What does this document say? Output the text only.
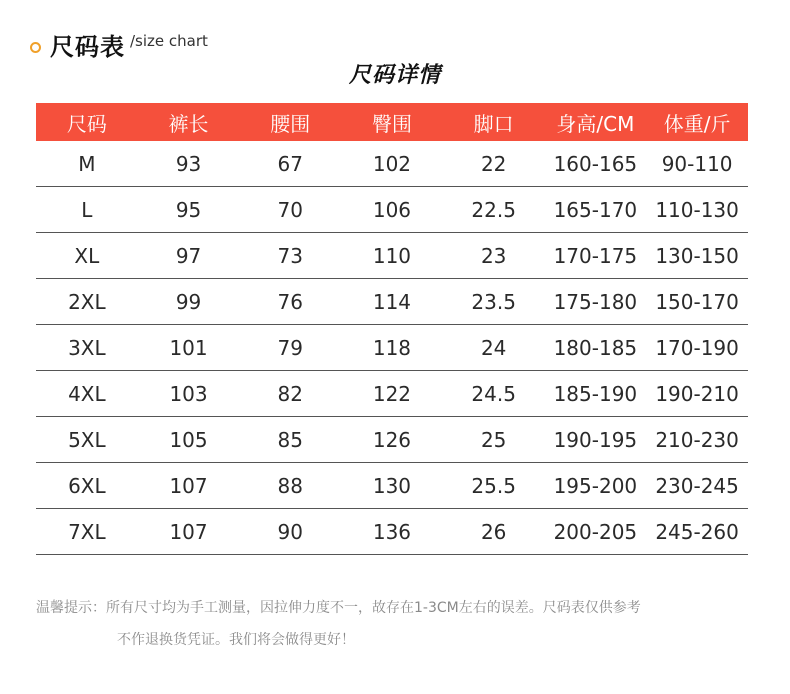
尺码表 /size chart
尺码详情
尺码	裤长	腰围	臀围	脚口	身高/CM	体重/斤
M	93	67	102	22	160-165	90-110
L	95	70	106	22.5	165-170	110-130
XL	97	73	110	23	170-175	130-150
2XL	99	76	114	23.5	175-180	150-170
3XL	101	79	118	24	180-185	170-190
4XL	103	82	122	24.5	185-190	190-210
5XL	105	85	126	25	190-195	210-230
6XL	107	88	130	25.5	195-200	230-245
7XL	107	90	136	26	200-205	245-260
温馨提示：所有尺寸均为手工测量，因拉伸力度不一，故存在1-3CM左右的误差。尺码表仅供参考
不作退换货凭证。我们将会做得更好！
